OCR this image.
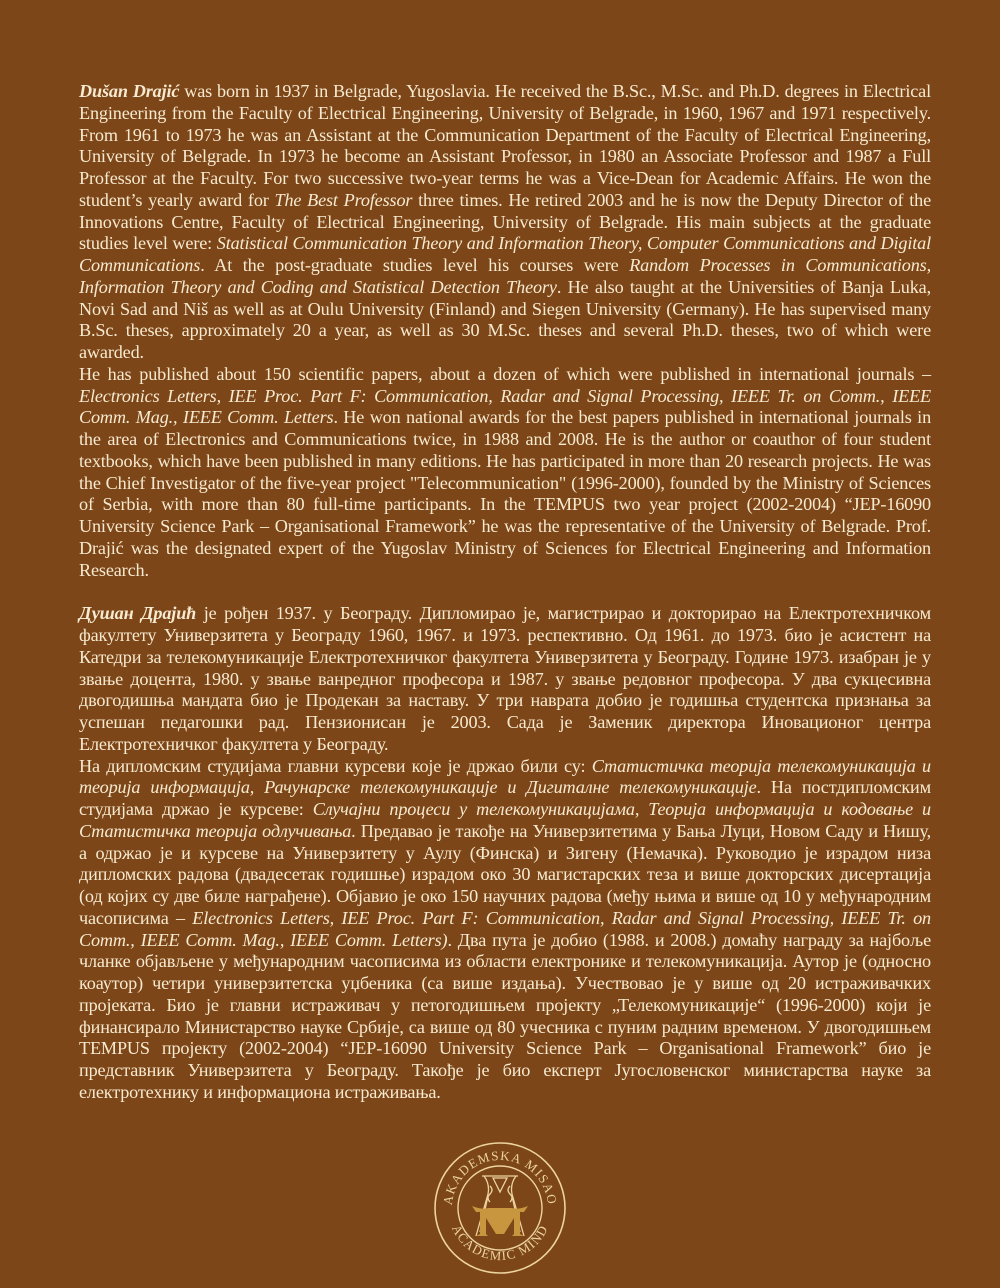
Dušan Drajić was born in 1937 in Belgrade, Yugoslavia. He received the B.Sc., M.Sc. and Ph.D. degrees in Electrical Engineering from the Faculty of Electrical Engineering, University of Belgrade, in 1960, 1967 and 1971 respectively. From 1961 to 1973 he was an Assistant at the Communication Department of the Faculty of Electrical Engineering, University of Belgrade. In 1973 he become an Assistant Professor, in 1980 an Associate Professor and 1987 a Full Professor at the Faculty. For two successive two-year terms he was a Vice-Dean for Academic Affairs. He won the student’s yearly award for The Best Professor three times. He retired 2003 and he is now the Deputy Director of the Innovations Centre, Faculty of Electrical Engineering, University of Belgrade. His main subjects at the graduate studies level were: Statistical Communication Theory and Information Theory, Computer Communications and Digital Communications. At the post-graduate studies level his courses were Random Processes in Communications, Information Theory and Coding and Statistical Detection Theory. He also taught at the Universities of Banja Luka, Novi Sad and Niš as well as at Oulu University (Finland) and Siegen University (Germany). He has supervised many B.Sc. theses, approximately 20 a year, as well as 30 M.Sc. theses and several Ph.D. theses, two of which were awarded.

He has published about 150 scientific papers, about a dozen of which were published in international journals – Electronics Letters, IEE Proc. Part F: Communication, Radar and Signal Processing, IEEE Tr. on Comm., IEEE Comm. Mag., IEEE Comm. Letters. He won national awards for the best papers published in international journals in the area of Electronics and Communications twice, in 1988 and 2008. He is the author or coauthor of four student textbooks, which have been published in many editions. He has participated in more than 20 research projects. He was the Chief Investigator of the five-year project "Telecommunication" (1996-2000), founded by the Ministry of Sciences of Serbia, with more than 80 full-time participants. In the TEMPUS two year project (2002-2004) “JEP-16090 University Science Park – Organisational Framework” he was the representative of the University of Belgrade. Prof. Drajić was the designated expert of the Yugoslav Ministry of Sciences for Electrical Engineering and Information Research.

Душан Драјић је рођен 1937. у Београду. Дипломирао је, магистрирао и докторирао на Електротехничком факултету Универзитета у Београду 1960, 1967. и 1973. респективно. Од 1961. до 1973. био је асистент на Катедри за телекомуникације Електротехничког факултета Универзитета у Београду. Године 1973. изабран је у звање доцента, 1980. у звање ванредног професора и 1987. у звање редовног професора. У два сукцесивна двогодишња мандата био је Продекан за наставу. У три наврата добио је годишња студентска признања за успешан педагошки рад. Пензионисан је 2003. Сада је Заменик директора Иновационог центра Електротехничког факултета у Београду.

На дипломским студијама главни курсеви које је држао били су: Статистичка теорија телекомуникација и теорија информација, Рачунарске телекомуникације и Дигиталне телекомуникације. На постдипломским студијама држао је курсеве: Случајни процеси у телекомуникацијама, Теорија информација и кодовање и Статистичка теорија одлучивања. Предавао је такође на Универзитетима у Бања Луци, Новом Саду и Нишу, а одржао је и курсеве на Универзитету у Аулу (Финска) и Зигену (Немачка). Руководио је израдом низа дипломских радова (двадесетак годишње) израдом око 30 магистарских теза и више докторских дисертација (од којих су две биле награђене). Објавио је око 150 научних радова (међу њима и више од 10 у међународним часописима – Electronics Letters, IEE Proc. Part F: Communication, Radar and Signal Processing, IEEE Tr. on Comm., IEEE Comm. Mag., IEEE Comm. Letters). Два пута је добио (1988. и 2008.) домаћу награду за најбоље чланке објављене у међународним часописима из области електронике и телекомуникација. Аутор је (односно коаутор) четири универзитетска уџбеника (са више издања). Учествовао је у више од 20 истраживачких пројеката. Био је главни истраживач у петогодишњем пројекту „Телекомуникације“ (1996-2000) који је финансирало Министарство науке Србије, са више од 80 учесника с пуним радним временом. У двогодишњем TEMPUS пројекту (2002-2004) “JEP-16090 University Science Park – Organisational Framework” био је представник Универзитета у Београду. Такође је био експерт Југословенског министарства науке за електротехнику и информациона истраживања.

AKADEMSKA MISAO
ACADEMIC MIND
